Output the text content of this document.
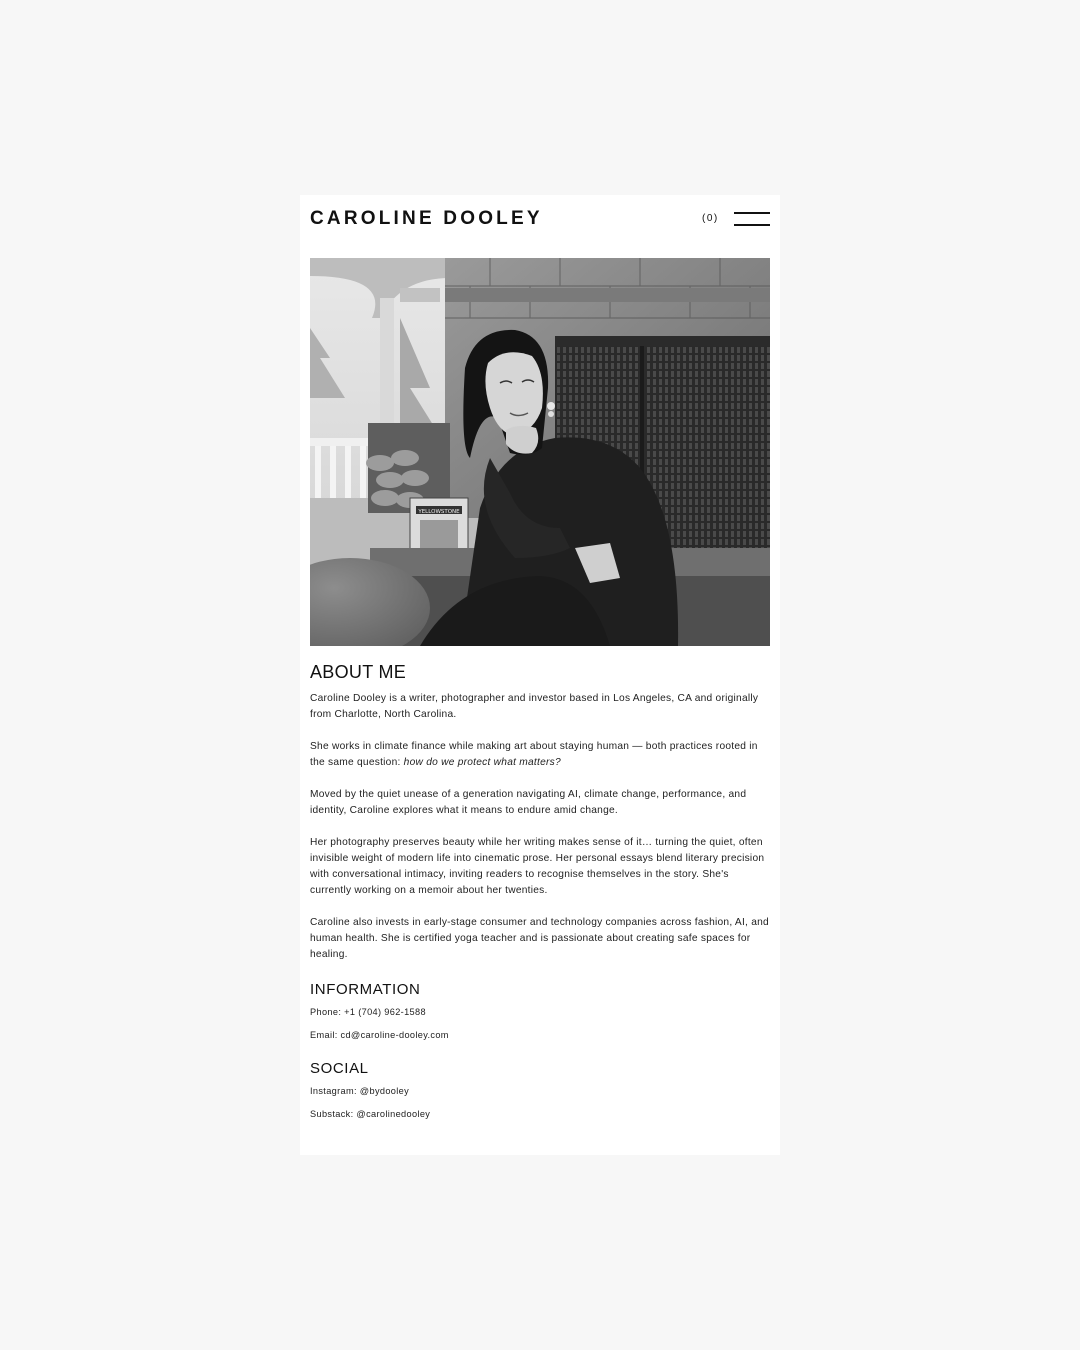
CAROLINE DOOLEY	(0)
YELLOWSTONE
ABOUT ME

Caroline Dooley is a writer, photographer and investor based in Los Angeles, CA and originally from Charlotte, North Carolina.

She works in climate finance while making art about staying human — both practices rooted in the same question: how do we protect what matters?

Moved by the quiet unease of a generation navigating AI, climate change, performance, and identity, Caroline explores what it means to endure amid change.

Her photography preserves beauty while her writing makes sense of it… turning the quiet, often invisible weight of modern life into cinematic prose. Her personal essays blend literary precision with conversational intimacy, inviting readers to recognise themselves in the story. She's currently working on a memoir about her twenties.

Caroline also invests in early-stage consumer and technology companies across fashion, AI, and human health. She is certified yoga teacher and is passionate about creating safe spaces for healing.

INFORMATION

Phone: +1 (704) 962-1588

Email: cd@caroline-dooley.com

SOCIAL

Instagram: @bydooley

Substack: @carolinedooley
